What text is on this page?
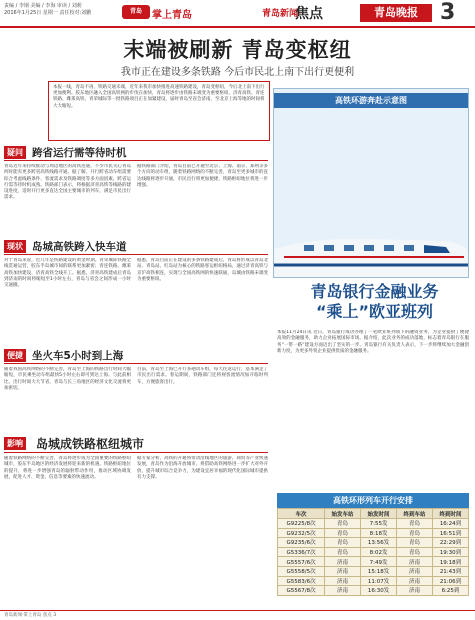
责编 / 李钢 美编 / 李海 审读 / 刘莉
2016年1月25日 星期一 责任校对:刘鹏	青岛	掌上青岛	青岛新闻·
焦点	青岛晚报	3
末端被刷新 青岛变枢纽
我市正在建设多条铁路 今后市民北上南下出行更便利
本报一线，青岛不再，铁路交通未端，近年来我市加快推进高速铁路建设，青岛变枢纽，今后北上南下出行更加便利。胶东地区融入全国高铁网的步伐在加快，青岛将逐步由铁路末端变为重要枢纽，济青高铁、青连铁路、潍莱高铁、青荣城际等一批铁路项目正在加紧建设，届时青岛至省会济南、至北京上海等地的时间将大大缩短。
高铁环游奔赴示意图
疑问 跨省运行需等待时机
青岛近年来持续推动与周边地区的高铁连通，不少市民关心青岛何时能有更多跨省高铁线路开通。据了解，开行跨省动车组需要综合考虑线路条件、客流需求及铁路调度等多方面因素，跨省运行需等待时机成熟。铁路部门表示，将根据济青高铁等线路的建设进度，适时开行更多直达全国主要城市的列车，满足市民出行需求。
据铁路部门介绍，青岛目前已开通至北京、上海、南京、郑州等多个方向的动车组，随着铁路网络的不断完善，青岛至更多城市的直达线路将逐步开通，市民出行将更加便捷，铁路枢纽地位将进一步增强。
现状 岛城高铁跨入快车道
对于青岛来说，近几年是铁路建设的黄金时期。青荣城际铁路全线贯通运营，胶东半岛城市间的联系更加紧密；青连铁路、潍莱高铁加快建设，济青高铁全线开工。据悉，济青高铁建成后青岛到济南的时间将缩短至1小时左右，青岛与省会之间形成一小时交通圈。
据悉，青岛目前正在建设的多条铁路建成后，青岛将形成以青岛北站、青岛站、红岛站为核心的铁路客运枢纽格局，通过济青高铁与京沪高铁相连，实现与全国高铁网的快速联通，岛城由铁路末端变为重要枢纽。
便捷 坐火车5小时到上海
随着我国高铁网络的不断完善，青岛至上海的铁路出行时间大幅缩短，市民乘坐动车组最快5小时左右即可到达上海。与此前相比，出行时间大大节省，青岛与长三角地区的经济文化交流将更加密切。
目前，青岛至上海已开行多趟动车组，每天往返运行，基本满足了市民出行需求。春运期间，铁路部门还将视客流情况加开临时列车，方便旅客出行。
影响 岛城成铁路枢纽城市
随着铁路网络的不断完善，青岛将逐步成为全国重要的铁路枢纽城市，胶东半岛地区的经济发展将迎来新的机遇。铁路枢纽地位的提升，将进一步增强青岛的辐射带动作用，推动区域协调发展，促进人才、资金、信息等要素的快速流动。
据专家分析，高铁的开通将带动沿线地区的旅游、商贸等产业快速发展，青岛作为沿海开放城市，将借助高铁网络进一步扩大对外开放，提升城市综合竞争力，为建设宜居幸福的现代化国际城市提供有力支撑。
青岛银行金融业务
“乘上”欧亚班列
本报11月24日讯 近日，青岛银行成功办理了一笔欧亚班列项下的融资业务，为企业提供了便捷高效的金融服务，助力企业拓展国际市场。据介绍，此次业务的成功落地，标志着青岛银行在服务“一带一路”建设方面迈出了坚实的一步。青岛银行有关负责人表示，下一步将继续加大金融创新力度，为更多外贸企业提供优质的金融服务。
高铁环形列车开行安排
车次	始发车站	始发时间	终到车站	终到时间
G9225/8次	青岛	7:55发	青岛	16:24到
G9232/5次	青岛	8:18发	青岛	16:51到
G9235/6次	青岛	13:56发	青岛	22:29到
G5336/7次	青岛	8:02发	青岛	19:30到
G5557/6次	济南	7:49发	济南	19:18到
G5558/5次	济南	15:18发	济南	21:43到
G5583/6次	济南	11:07发	济南	21:06到
G5567/8次	济南	16:30发	济南	6:25到
青岛新闻·掌上青岛 焦点 3
